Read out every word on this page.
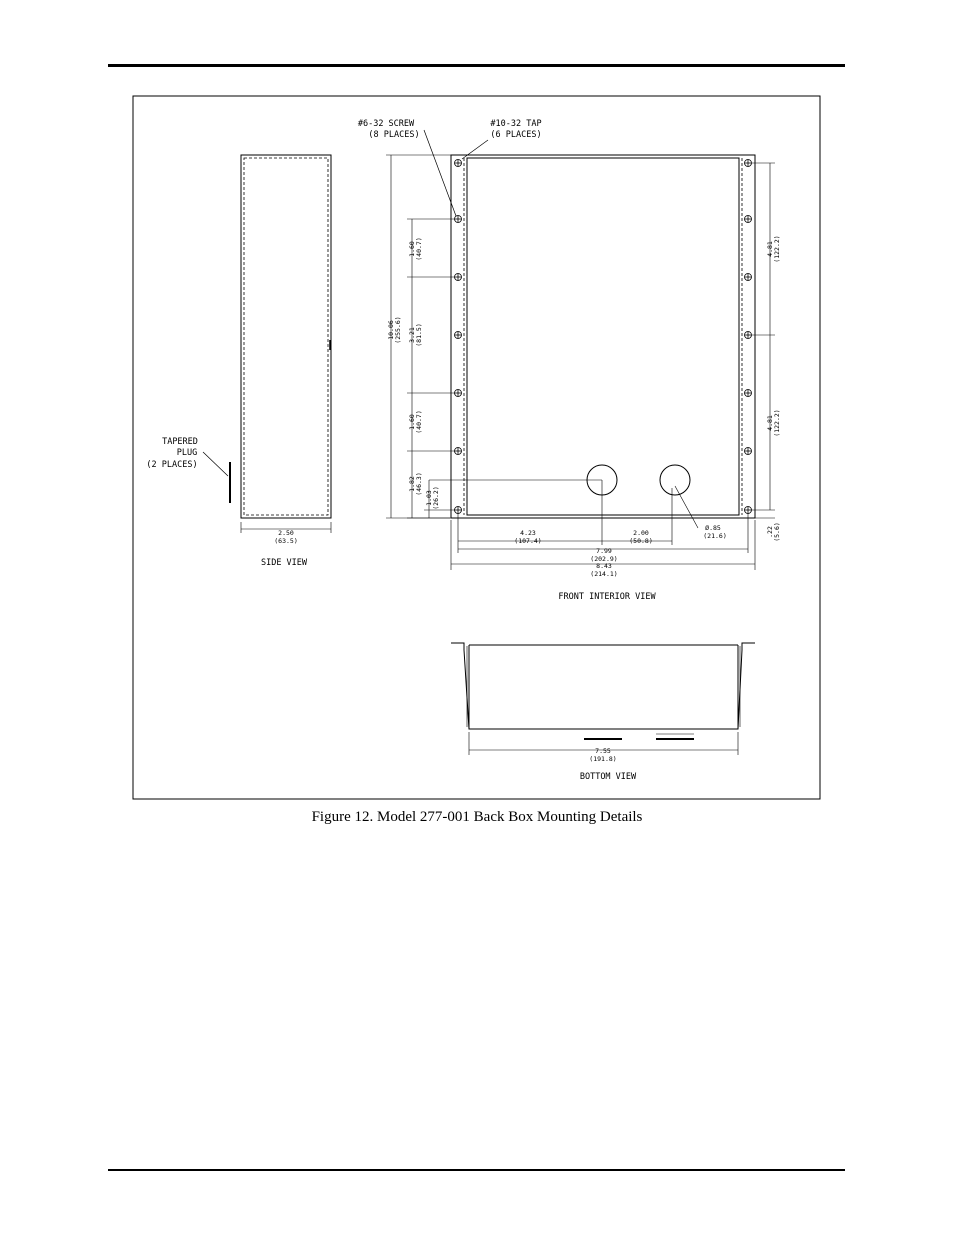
TAPERED
PLUG
(2 PLACES)
2.50
(63.5)
SIDE VIEW
#6-32 SCREW
(8 PLACES)
#10-32 TAP
(6 PLACES)
10.06 (255.6)
1.60 (40.7)
3.21 (81.5)
1.60 (40.7)
1.82 (46.3)
1.03 (26.2)
4.81 (122.2)
4.81 (122.2)
.22 (5.6)
4.23
(107.4)
2.00
(50.8)
Ø.85
(21.6)
7.99
(202.9)
8.43
(214.1)
FRONT INTERIOR VIEW
7.55
(191.8)
BOTTOM VIEW
Figure 12. Model 277-001 Back Box Mounting Details
